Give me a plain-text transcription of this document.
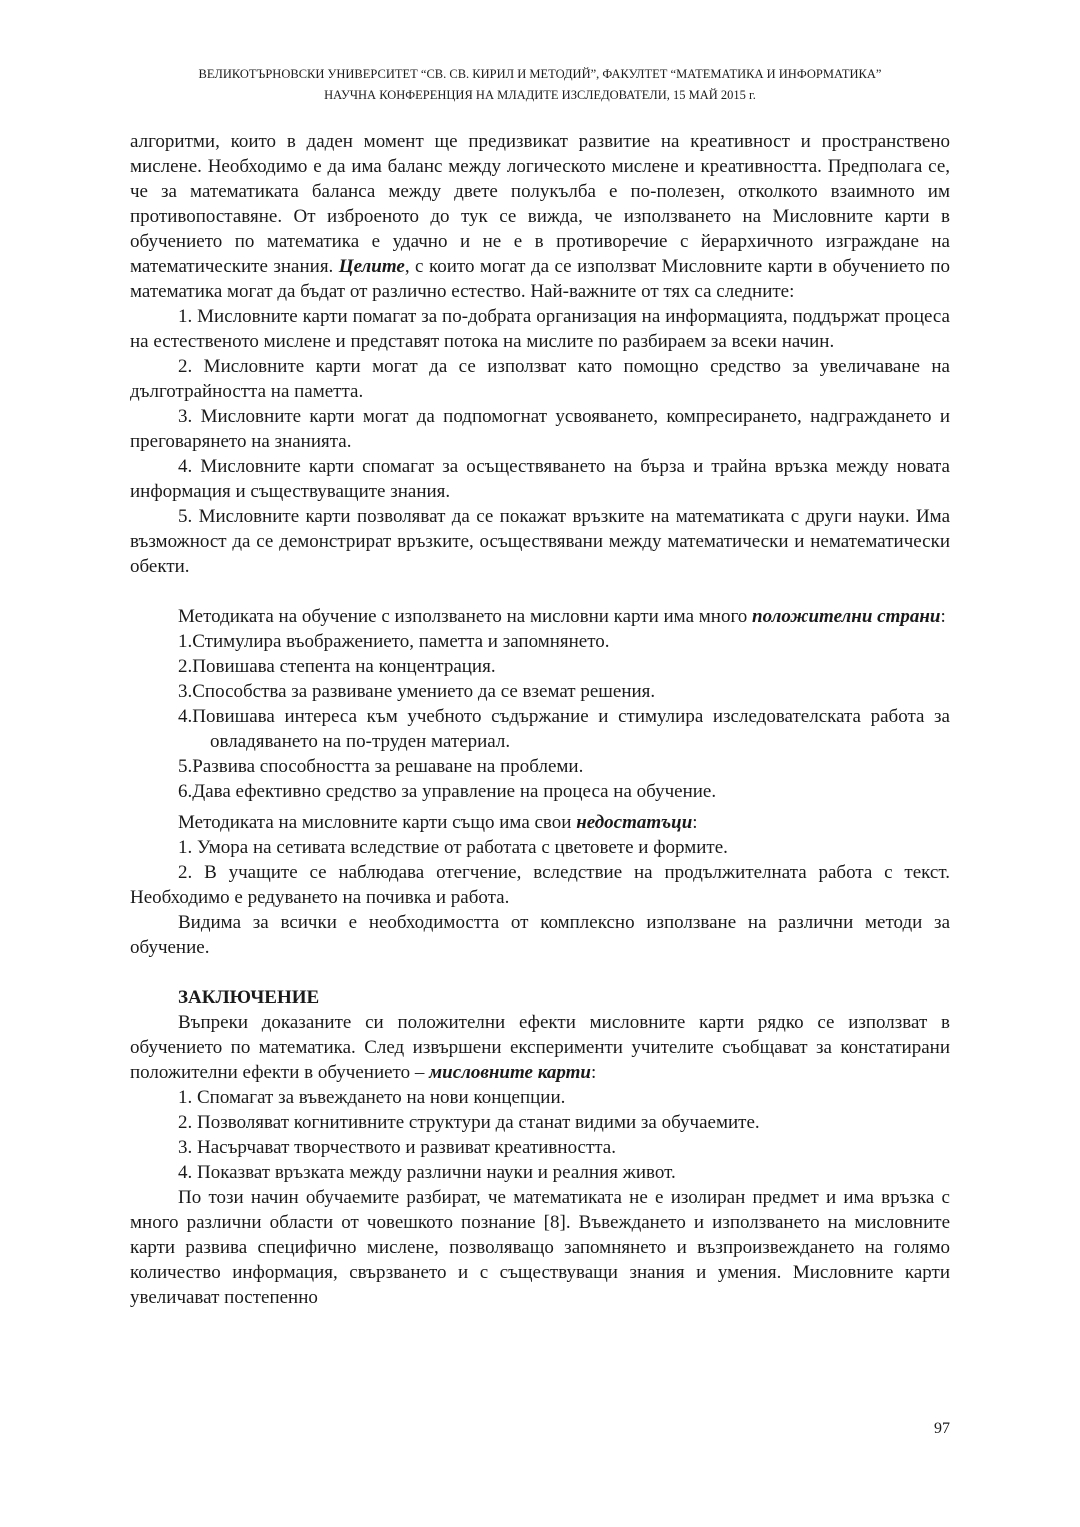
ВЕЛИКОТЪРНОВСКИ УНИВЕРСИТЕТ “СВ. СВ. КИРИЛ И МЕТОДИЙ”, ФАКУЛТЕТ “МАТЕМАТИКА И ИНФОРМАТИКА”
НАУЧНА КОНФЕРЕНЦИЯ НА МЛАДИТЕ ИЗСЛЕДОВАТЕЛИ, 15 МАЙ 2015 г.

алгоритми, които в даден момент ще предизвикат развитие на креативност и пространствено мислене. Необходимо е да има баланс между логическото мислене и креативността. Предполага се, че за математиката баланса между двете полукълба е по-полезен, отколкото взаимното им противопоставяне. От изброеното до тук се вижда, че използването на Мисловните карти в обучението по математика е удачно и не е в противоречие с йерархичното изграждане на математическите знания. Целите, с които могат да се използват Мисловните карти в обучението по математика могат да бъдат от различно естество. Най-важните от тях са следните:

1. Мисловните карти помагат за по-добрата организация на информацията, поддържат процеса на естественото мислене и представят потока на мислите по разбираем за всеки начин.

2. Мисловните карти могат да се използват като помощно средство за увеличаване на дълготрайността на паметта.

3. Мисловните карти могат да подпомогнат усвояването, компресирането, надграждането и преговарянето на знанията.

4. Мисловните карти спомагат за осъществяването на бърза и трайна връзка между новата информация и съществуващите знания.

5. Мисловните карти позволяват да се покажат връзките на математиката с други науки. Има възможност да се демонстрират връзките, осъществявани между математически и нематематически обекти.

Методиката на обучение с използването на мисловни карти има много положителни страни:

1.Стимулира въображението, паметта и запомнянето.

2.Повишава степента на концентрация.

3.Способства за развиване умението да се вземат решения.

4.Повишава интереса към учебното съдържание и стимулира изследователската работа за овладяването на по-труден материал.

5.Развива способността за решаване на проблеми.

6.Дава ефективно средство за управление на процеса на обучение.

Методиката на мисловните карти също има свои недостатъци:

1. Умора на сетивата вследствие от работата с цветовете и формите.

2. В учащите се наблюдава отегчение, вследствие на продължителната работа с текст. Необходимо е редуването на почивка и работа.

Видима за всички е необходимостта от комплексно използване на различни методи за обучение.

ЗАКЛЮЧЕНИЕ

Въпреки доказаните си положителни ефекти мисловните карти рядко се използват в обучението по математика. След извършени експерименти учителите съобщават за констатирани положителни ефекти в обучението – мисловните карти:

1. Спомагат за въвеждането на нови концепции.

2. Позволяват когнитивните структури да станат видими за обучаемите.

3. Насърчават творчеството и развиват креативността.

4. Показват връзката между различни науки и реалния живот.

По този начин обучаемите разбират, че математиката не е изолиран предмет и има връзка с много различни области от човешкото познание [8]. Въвеждането и използването на мисловните карти развива специфично мислене, позволяващо запомнянето и възпроизвеждането на голямо количество информация, свързването и с съществуващи знания и умения. Мисловните карти увеличават постепенно

97
